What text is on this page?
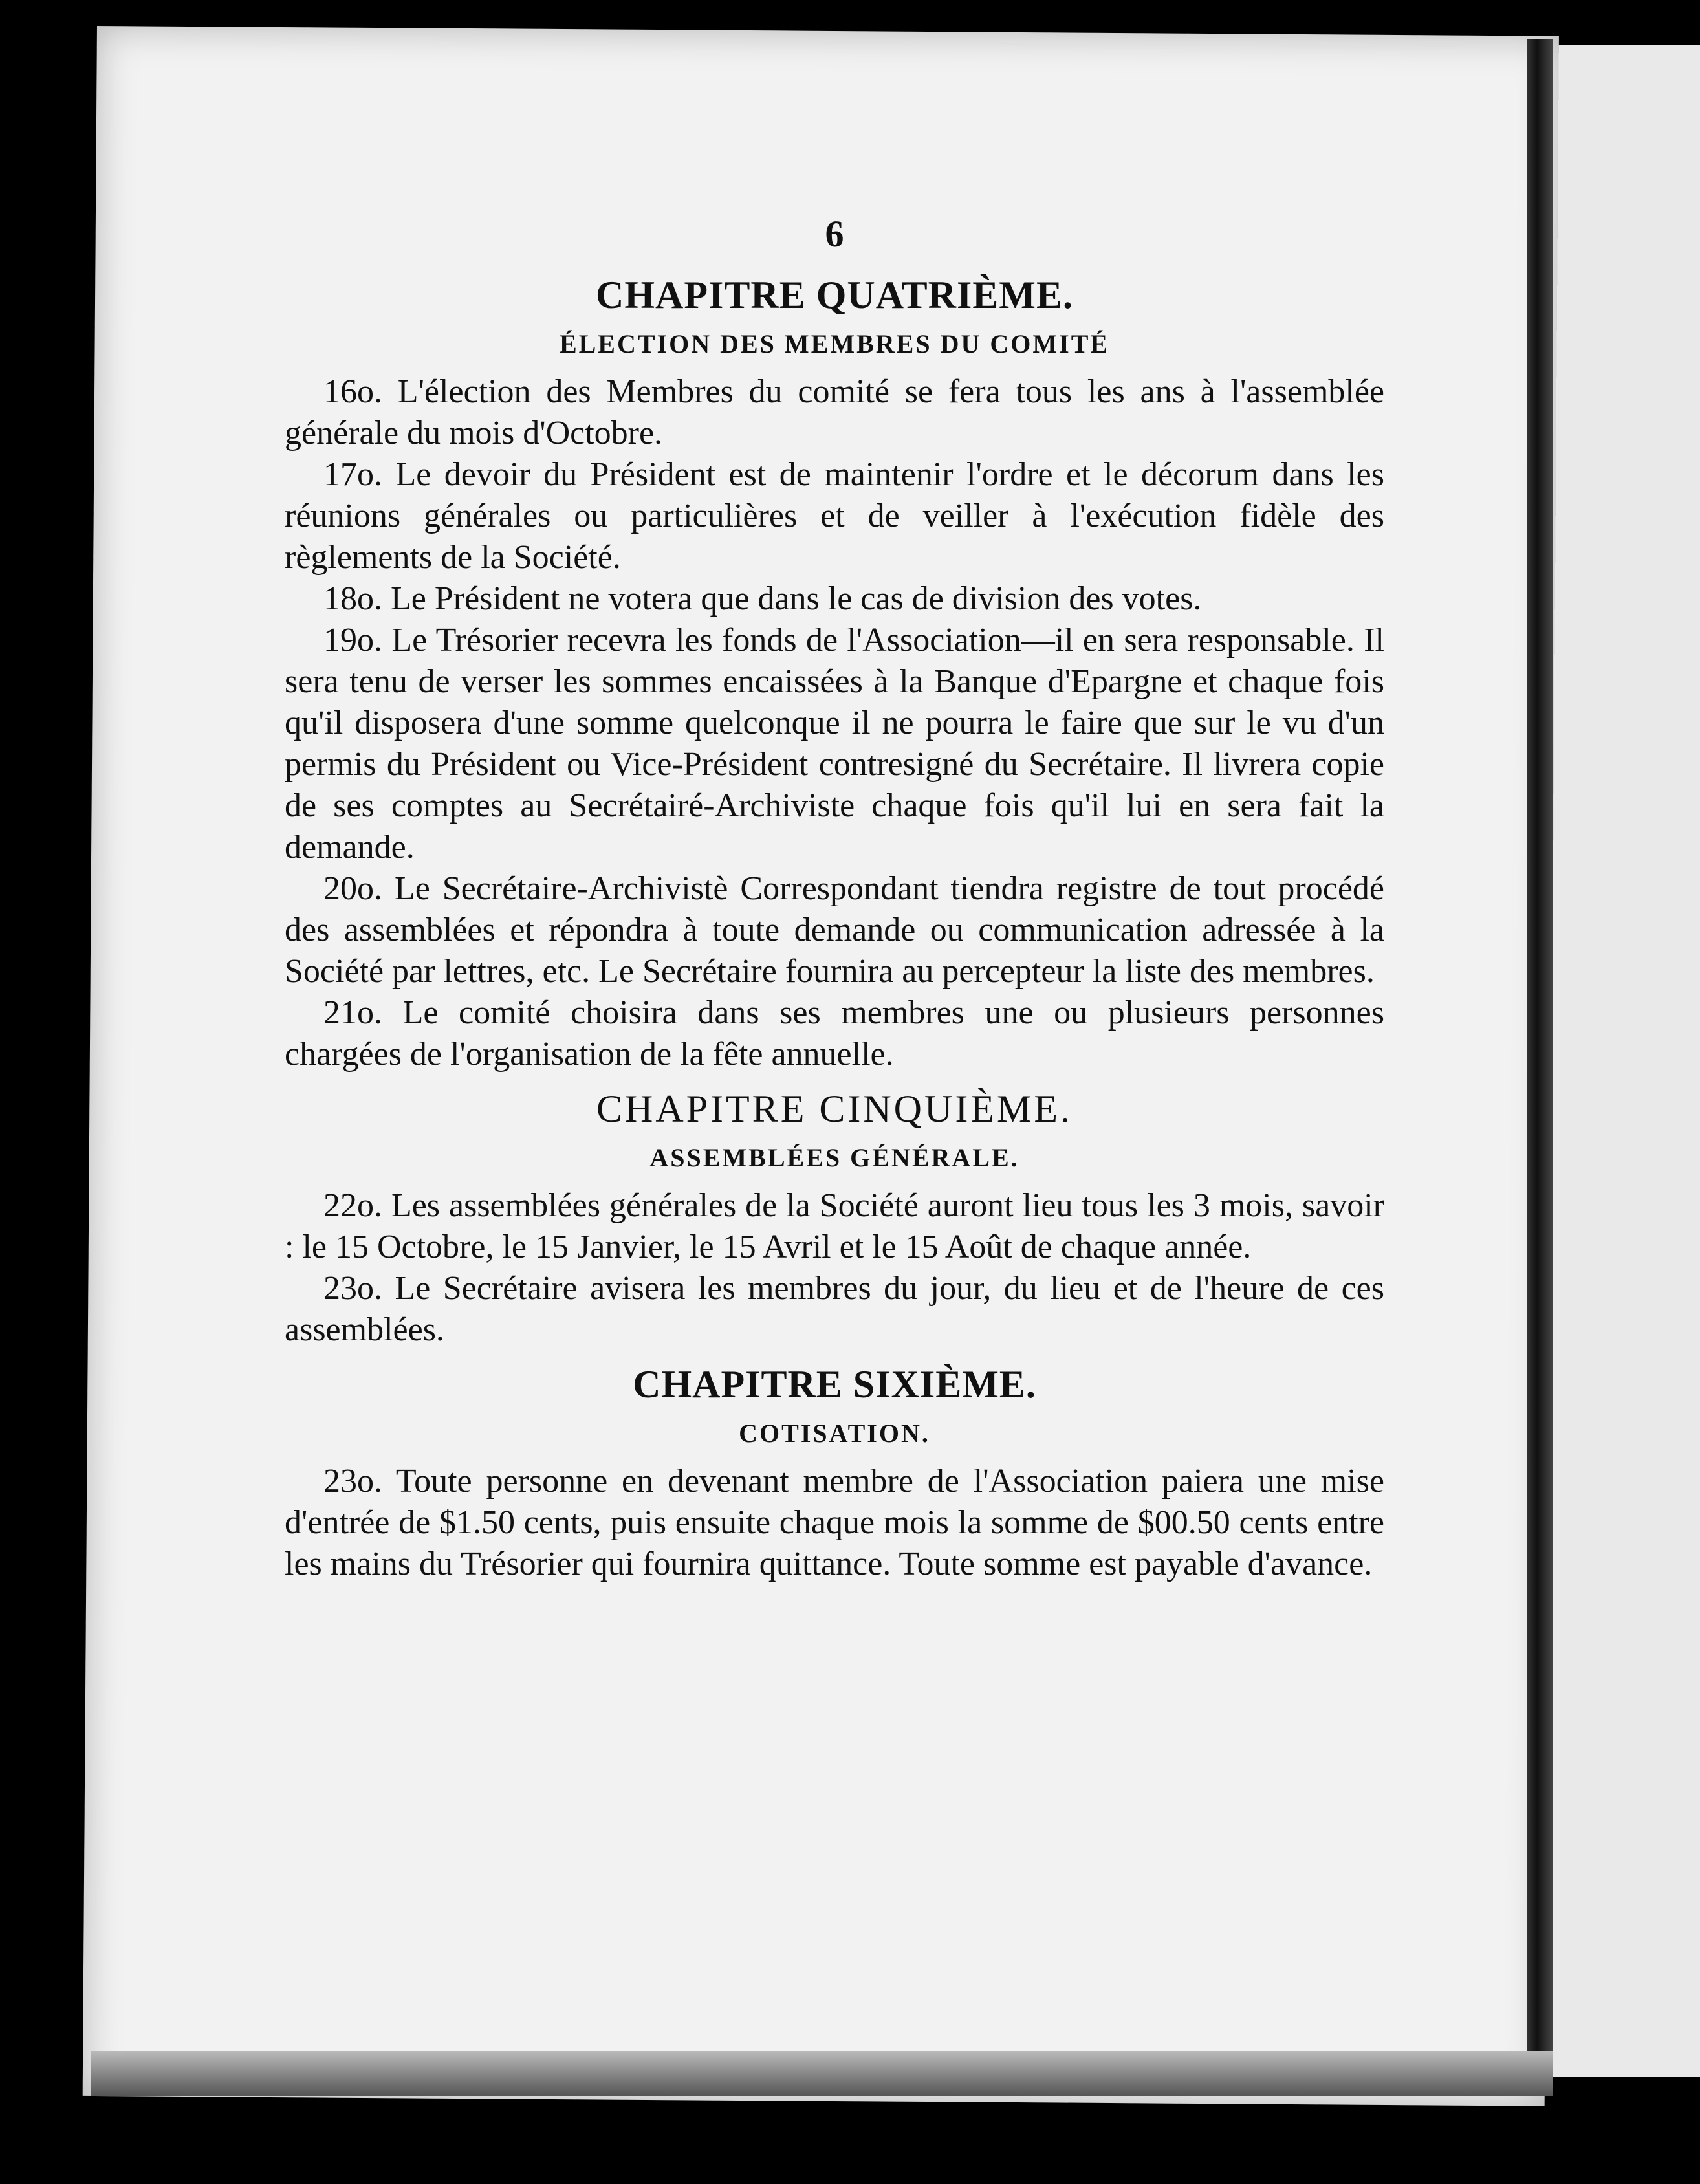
6
CHAPITRE QUATRIÈME.
ÉLECTION DES MEMBRES DU COMITÉ

16o. L'élection des Membres du comité se fera tous les ans à l'assemblée générale du mois d'Octobre.

17o. Le devoir du Président est de maintenir l'ordre et le décorum dans les réunions générales ou particulières et de veiller à l'exécution fidèle des règlements de la Société.

18o. Le Président ne votera que dans le cas de division des votes.

19o. Le Trésorier recevra les fonds de l'Association—il en sera responsable. Il sera tenu de verser les sommes encaissées à la Banque d'Epargne et chaque fois qu'il disposera d'une somme quelconque il ne pourra le faire que sur le vu d'un permis du Président ou Vice-Président contresigné du Secrétaire. Il livrera copie de ses comptes au Secrétairé-Archiviste chaque fois qu'il lui en sera fait la demande.

20o. Le Secrétaire-Archivistè Correspondant tiendra registre de tout procédé des assemblées et répondra à toute demande ou communication adressée à la Société par lettres, etc. Le Secrétaire fournira au percepteur la liste des membres.

21o. Le comité choisira dans ses membres une ou plusieurs personnes chargées de l'organisation de la fête annuelle.

CHAPITRE CINQUIÈME.
ASSEMBLÉES GÉNÉRALE.

22o. Les assemblées générales de la Société auront lieu tous les 3 mois, savoir : le 15 Octobre, le 15 Janvier, le 15 Avril et le 15 Août de chaque année.

23o. Le Secrétaire avisera les membres du jour, du lieu et de l'heure de ces assemblées.

CHAPITRE SIXIÈME.
COTISATION.

23o. Toute personne en devenant membre de l'Association paiera une mise d'entrée de $1.50 cents, puis ensuite chaque mois la somme de $00.50 cents entre les mains du Trésorier qui fournira quittance. Toute somme est payable d'avance.
